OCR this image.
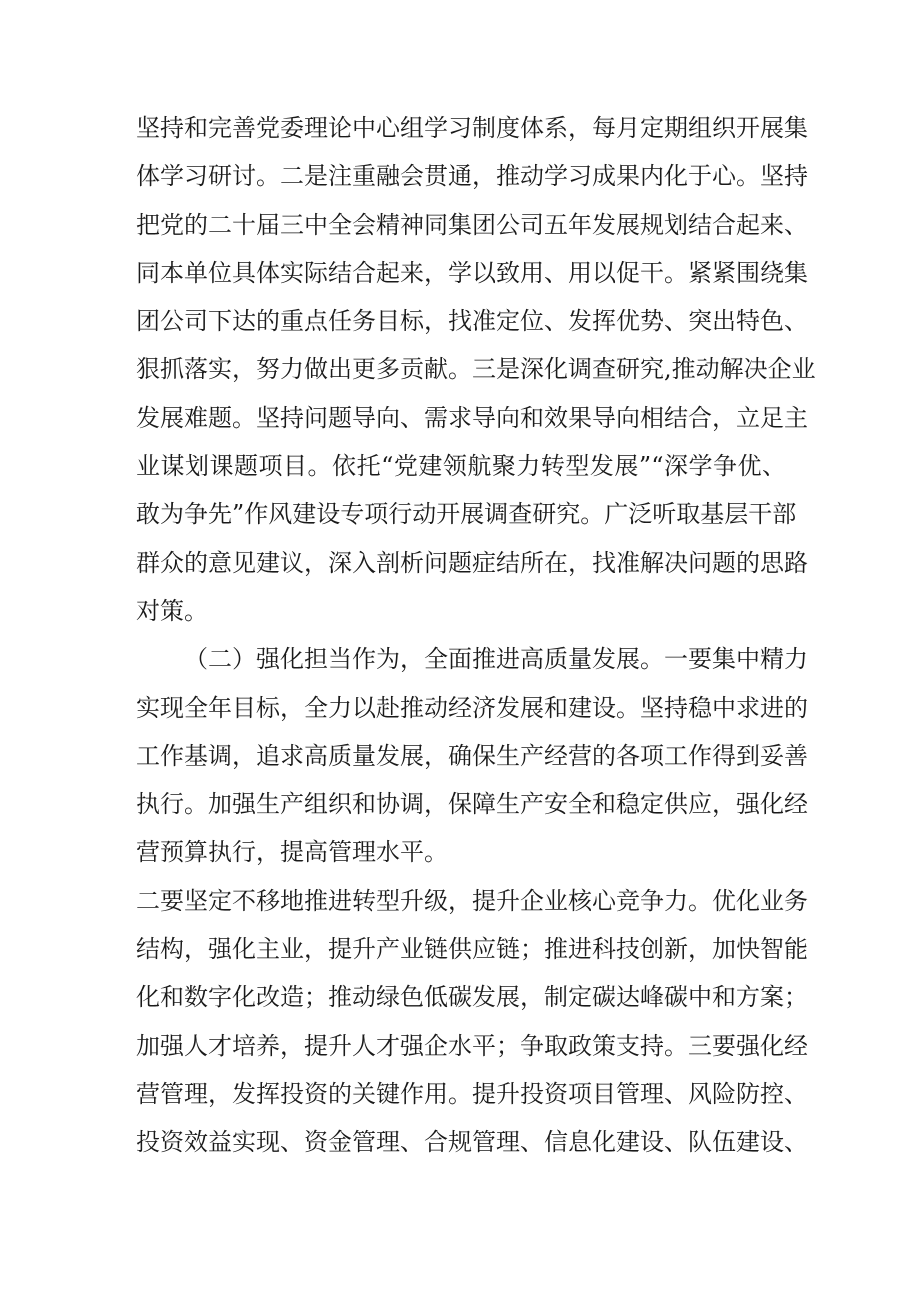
坚持和完善党委理论中心组学习制度体系，每月定期组织开展集
体学习研讨。二是注重融会贯通，推动学习成果内化于心。坚持
把党的二十届三中全会精神同集团公司五年发展规划结合起来、
同本单位具体实际结合起来，学以致用、用以促干。紧紧围绕集
团公司下达的重点任务目标，找准定位、发挥优势、突出特色、
狠抓落实，努力做出更多贡献。三是深化调查研究,推动解决企业
发展难题。坚持问题导向、需求导向和效果导向相结合，立足主
业谋划课题项目。依托“党建领航聚力转型发展”“深学争优、
敢为争先”作风建设专项行动开展调查研究。广泛听取基层干部
群众的意见建议，深入剖析问题症结所在，找准解决问题的思路
对策。
（二）强化担当作为，全面推进高质量发展。一要集中精力
实现全年目标，全力以赴推动经济发展和建设。坚持稳中求进的
工作基调，追求高质量发展，确保生产经营的各项工作得到妥善
执行。加强生产组织和协调，保障生产安全和稳定供应，强化经
营预算执行，提高管理水平。
二要坚定不移地推进转型升级，提升企业核心竞争力。优化业务
结构，强化主业，提升产业链供应链；推进科技创新，加快智能
化和数字化改造；推动绿色低碳发展，制定碳达峰碳中和方案；
加强人才培养，提升人才强企水平；争取政策支持。三要强化经
营管理，发挥投资的关键作用。提升投资项目管理、风险防控、
投资效益实现、资金管理、合规管理、信息化建设、队伍建设、
